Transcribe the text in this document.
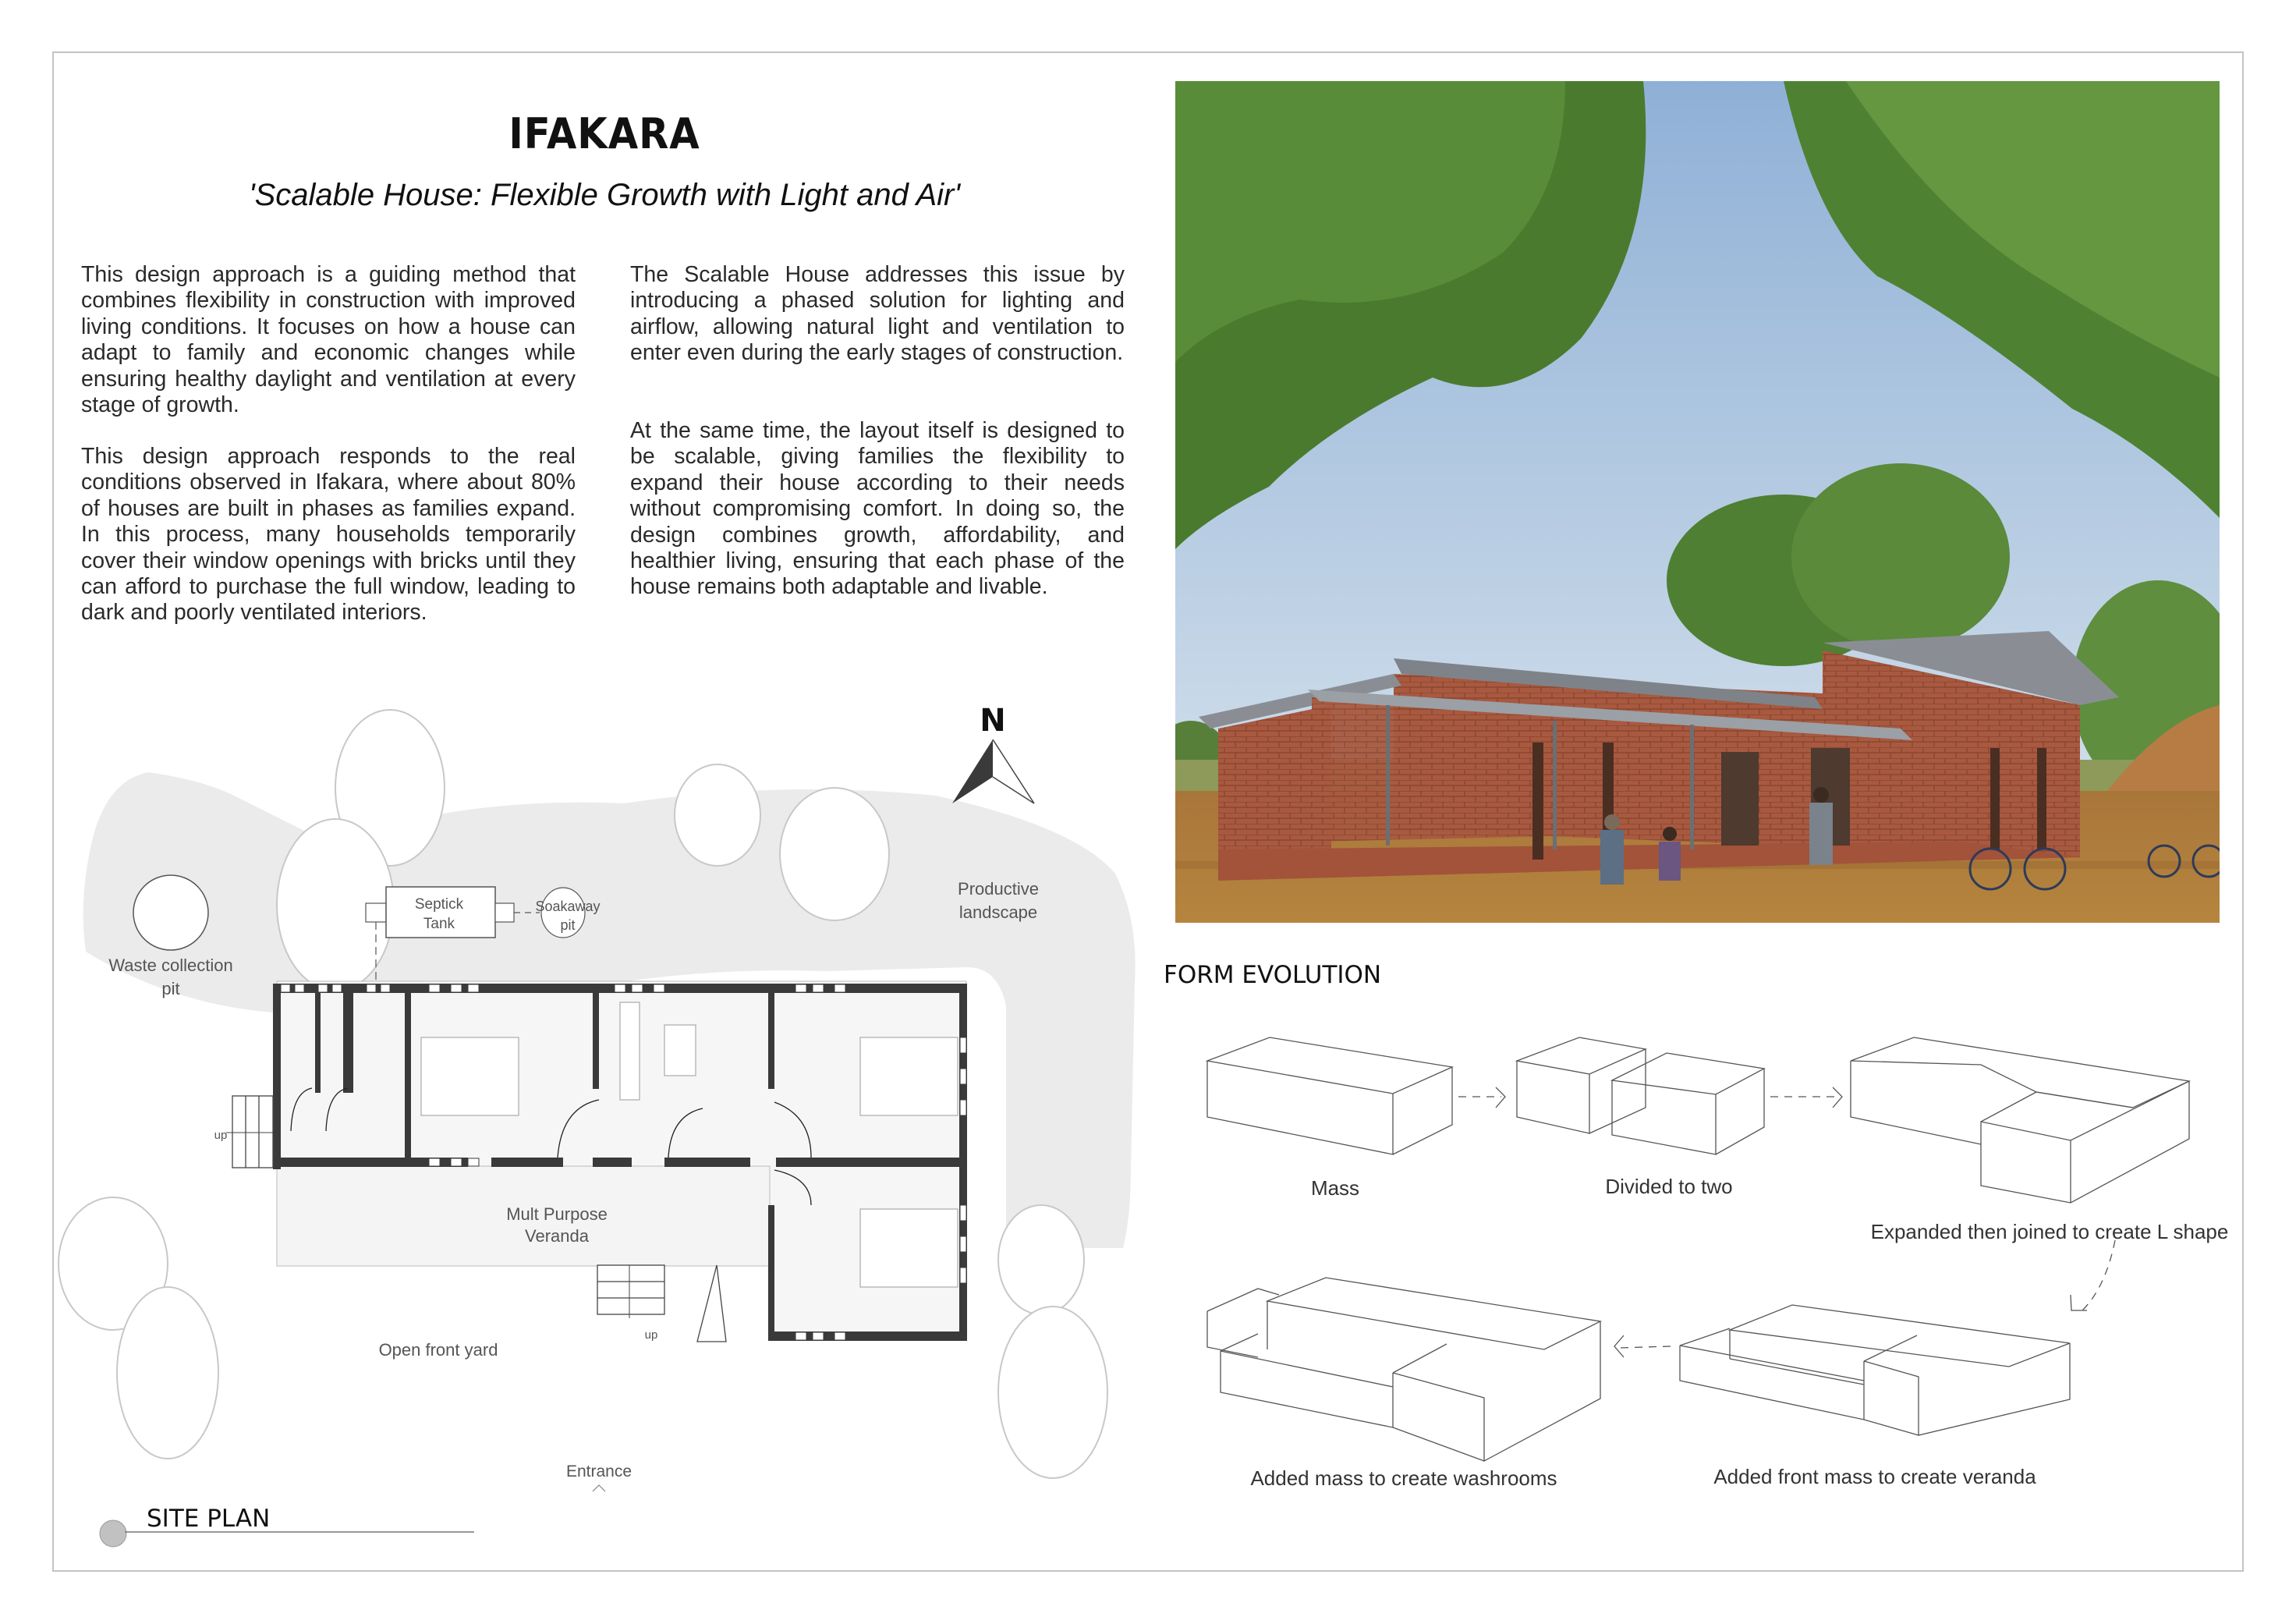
IFAKARA
'Scalable House: Flexible Growth with Light and Air'

This design approach is a guiding method that combines flexibility in construction with improved living conditions. It focuses on how a house can adapt to family and economic changes while ensuring healthy daylight and ventilation at every stage of growth.

This design approach responds to the real conditions observed in Ifakara, where about 80% of houses are built in phases as families expand. In this process, many households temporarily cover their window openings with bricks until they can afford to purchase the full window, leading to dark and poorly ventilated interiors.

The Scalable House addresses this issue by introducing a phased solution for lighting and airflow, allowing natural light and ventilation to enter even during the early stages of construction.

At the same time, the layout itself is designed to be scalable, giving families the flexibility to expand their house according to their needs without compromising comfort. In doing so, the design combines growth, affordability, and healthier living, ensuring that each phase of the house remains both adaptable and livable.

Waste collection
pit
Septick
Tank
Soakaway
pit
Productive
landscape
N
up
up
Mult Purpose
Veranda
Open front yard
Entrance
SITE PLAN
FORM EVOLUTION
Mass	Divided to two
Expanded then joined to create L shape
Added front mass to create veranda
Added mass to create washrooms
